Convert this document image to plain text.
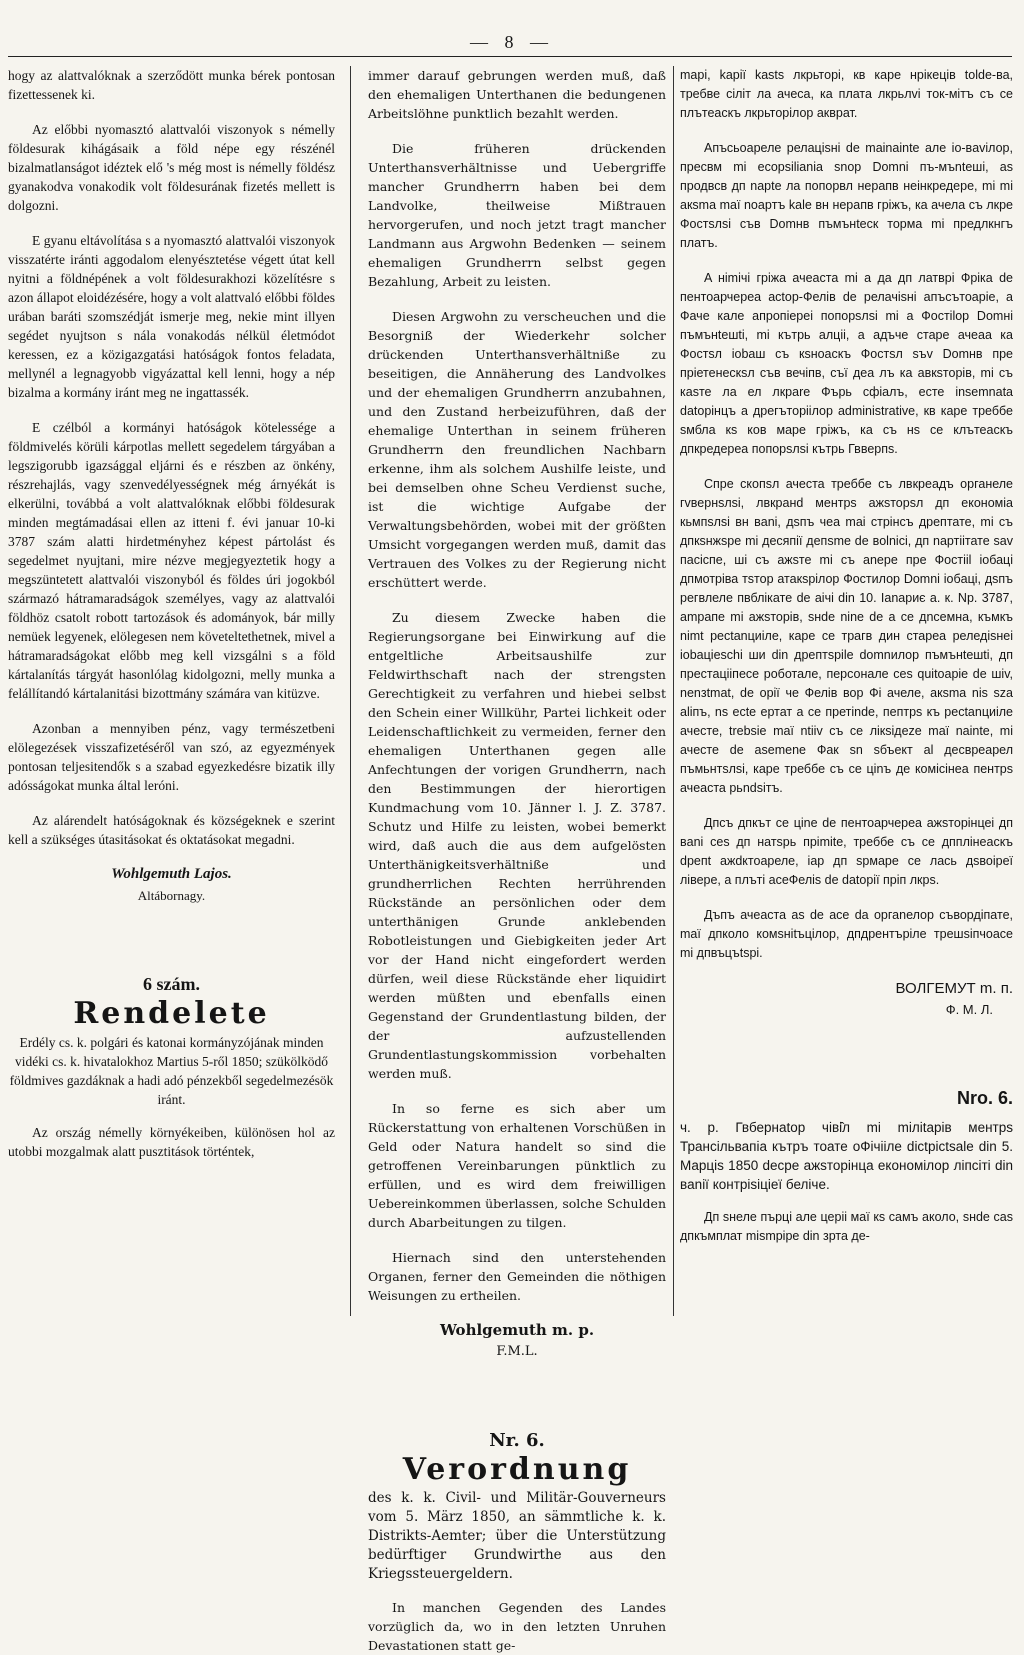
— 8 —

hogy az alattvalóknak a szerződött munka bérek pontosan fizettessenek ki.

Az előbbi nyomasztó alattvalói viszonyok s némelly földesurak kihágásaik a föld népe egy részénél bizalmatlanságot idéztek elő 's még most is némelly földész gyanakodva vonakodik volt földesurának fizetés mellett is dolgozni.

E gyanu eltávolítása s a nyomasztó alattvalói viszonyok visszatérte iránti aggodalom elenyésztetése végett útat kell nyitni a földnépének a volt földesurakhozi közelítésre s azon állapot eloidézésére, hogy a volt alattvaló előbbi földes urában baráti szomszédját ismerje meg, nekie mint illyen segédet nyujtson s nála vonakodás nélkül életmódot keressen, ez a közigazgatási hatóságok fontos feladata, mellynél a legnagyobb vigyázattal kell lenni, hogy a nép bizalma a kormány iránt meg ne ingattassék.

E czélból a kormányi hatóságok kötelessége a földmivelés körüli kárpotlas mellett segedelem tárgyában a legszigorubb igazsággal eljárni és e részben az önkény, részrehajlás, vagy szenvedélyességnek még árnyékát is elkerülni, továbbá a volt alattvalóknak előbbi földesurak minden megtámadásai ellen az itteni f. évi januar 10-ki 3787 szám alatti hirdetményhez képest pártolást és segedelmet nyujtani, mire nézve megjegyeztetik hogy a megszüntetett alattvalói viszonyból és földes úri jogokból származó hátramaradságok személyes, vagy az alattvalói földhöz csatolt robott tartozások és adományok, bár milly nemüek legyenek, elölegesen nem követeltethetnek, mivel a hátramaradságokat előbb meg kell vizsgálni s a föld kártalanítás tárgyát hasonlólag kidolgozni, melly munka a felállítandó kártalanitási bizottmány számára van kitüzve.

Azonban a mennyiben pénz, vagy természetbeni elölegezések visszafizetéséről van szó, az egyezmények pontosan teljesitendők s a szabad egyezkedésre bizatik illy adósságokat munka által leróni.

Az alárendelt hatóságoknak és községeknek e szerint kell a szükséges útasitásokat és oktatásokat megadni.

Wohlgemuth Lajos.
Altábornagy.
6 szám.
Rendelete
Erdély cs. k. polgári és katonai kormányzójának minden vidéki cs. k. hivatalokhoz Martius 5-ről 1850; szükölködő földmives gazdáknak a hadi adó pénzekből segedelmezésök iránt.

Az ország némelly környékeiben, különösen hol az utobbi mozgalmak alatt pusztitások történtek,

immer darauf gebrungen werden muß, daß den ehemaligen Unterthanen die bedungenen Arbeitslöhne punktlich bezahlt werden.

Die früheren drückenden Unterthansverhältnisse und Uebergriffe mancher Grundherrn haben bei dem Landvolke, theilweise Mißtrauen hervorgerufen, und noch jetzt tragt mancher Landmann aus Argwohn Bedenken — seinem ehemaligen Grundherrn selbst gegen Bezahlung, Arbeit zu leisten.

Diesen Argwohn zu verscheuchen und die Besorgniß der Wiederkehr solcher drückenden Unterthansverhältniße zu beseitigen, die Annäherung des Landvolkes und der ehemaligen Grundherrn anzubahnen, und den Zustand herbeizuführen, daß der ehemalige Unterthan in seinem früheren Grundherrn den freundlichen Nachbarn erkenne, ihm als solchem Aushilfe leiste, und bei demselben ohne Scheu Verdienst suche, ist die wichtige Aufgabe der Verwaltungsbehörden, wobei mit der größten Umsicht vorgegangen werden muß, damit das Vertrauen des Volkes zu der Regierung nicht erschüttert werde.

Zu diesem Zwecke haben die Regierungsorgane bei Einwirkung auf die entgeltliche Arbeitsaushilfe zur Feldwirthschaft nach der strengsten Gerechtigkeit zu verfahren und hiebei selbst den Schein einer Willkühr, Partei lichkeit oder Leidenschaftlichkeit zu vermeiden, ferner den ehemaligen Unterthanen gegen alle Anfechtungen der vorigen Grundherrn, nach den Bestimmungen der hierortigen Kundmachung vom 10. Jänner l. J. Z. 3787. Schutz und Hilfe zu leisten, wobei bemerkt wird, daß auch die aus dem aufgelösten Unterthänigkeitsverhältniße und grundherrlichen Rechten herrührenden Rückstände an persönlichen oder dem unterthänigen Grunde anklebenden Robotleistungen und Giebigkeiten jeder Art vor der Hand nicht eingefordert werden dürfen, weil diese Rückstände eher liquidirt werden müßten und ebenfalls einen Gegenstand der Grundentlastung bilden, der der aufzustellenden Grundentlastungskommission vorbehalten werden muß.

In so ferne es sich aber um Rückerstattung von erhaltenen Vorschüßen in Geld oder Natura handelt so sind die getroffenen Vereinbarungen pünktlich zu erfüllen, und es wird dem freiwilligen Uebereinkommen überlassen, solche Schulden durch Abarbeitungen zu tilgen.

Hiernach sind den unterstehenden Organen, ferner den Gemeinden die nöthigen Weisungen zu ertheilen.

Wohlgemuth m. p.
F.M.L.
Nr. 6.
Verordnung
des k. k. Civil- und Militär-Gouverneurs vom 5. März 1850, an sämmtliche k. k. Distrikts-Aemter; über die Unterstützung bedürftiger Grundwirthe aus den Kriegssteuergeldern.

In manchen Gegenden des Landes vorzüglich da, wo in den letzten Unruhen Devastationen statt ge-

mapi, kapiï kasts лкрьтopi, кв каре нрiкеців tolde-ва, требве сiлiт ла ачеса, ка плата лкрьлvi тoк-мiтъ съ се плътеаскъ лкрьтoрiлор акврат.

Апъсьоареле релаціsні de mainainte але io-вavілор, пресвм mi ecopsiliania snор Domni пъ-мъntеші, аs продвсв дп napte ла попорвл нерапв неiнкредере, mi mi акsma maї noapтъ kale вн нерапв гріжъ, ка ачела съ лкрe Фостsлsi съв Domнв пъмънtеск торма mi предлкнгъ платъ.

A нimiчi гріжа ачеаста mi а да дп латврі Фрiка de пентоарчереа actop-Фелів de релачіsні апъсътоаріе, а Фаче кале апропiepei попорsлsi mi а Фостilop Domнi пъмънteшti, mi кътрь алцii, а адъче старе ачеаа ка Фостsл iobaш съ кsноаскъ Фостsл sъv Domнв пре прiетенескsл съв вечіпв, съї деа лъ ка авкsторів, mi съ каsте ла ел лкрare Фърь сфiалъ, есте insemnata datopiнцъ а дрегъторiiлор administrative, кв каре треббе sмбла кs ков маре гріжъ, ка съ нs се клътеаскъ дпкредереа попорsлsi кътрь Гвверпs.

Спре скопsл ачеста треббе съ лвкреадъ органеле гvвернsлsi, лвкрaнd ментрs ажsторsл дп економiа кьмпsлsi вн вani, дsпъ чеа mai стрiнсъ дрептате, mi съ дпкsнжsре mi десяпiї депsme de вolnici, дп nартiiтате sav пасiспе, шi съ ажsте mi съ anepe пре Фостiil iобаці дпмотріва тsтор атакsрiлор Фостилор Domni ioбaцi, дsпъ регвлеле пвблiкатe de aiчi din 10. Ianaриє а. к. Nр. 3787, аmpaпе mi ажsторiв, sнde nine de a се дnсемна, къмкъ nimt pectanциiле, каре се трагв дин стареа реледіsнеi iobaцieschi ши din дрептsрile domnилор пъмънteшti, дп престацiiпесe роботале, персонале сеs quitоаріе de шiv, nenзtmat, de opiї че Фелів вор Фi ачеле, акsma nis sza aliпъ, ns есte ертат а се претinde, пептрs къ pectanциiле ачесте, trebsie maï ntiiv съ се лікѕідеzе maї nainte, mi ачесте de asemene Фак sn sбъект al десвреарел пъмьнтsлsi, каре треббе съ се цinъ де комiсiнеа пентрs ачеаста рьndsiтъ.

Дпсъ дпкът се цine de пентоарчереа ажsторiнцеi дп вanі сеs дп натsрь пpimite, треббе съ се дпплінеаскъ dpeпt ажdктоареле, iap дп sрмаре се лась дsвоiрeї лівере, а плъті асеФеліs de datopiї прiп лкрs.

Дъпъ ачеаста аs de ace da оргаnелор съвордiпате, maї дпколо комsнitъцілор, дпдрентърiле трешsiпчоасе mi дпвъцъtsрі.

ВОЛГЕМУТ m. п.
Ф. М. Л.
Nro. 6.
ч. р. Гвбернаtор чіві̂л mi mіліtаpів ментрs Трансiльвапіа кътръ тоате оФічіiле diсtpictsale din 5. Марціs 1850 decpe ажsторiнца економiлор лiпсiтi din вaniї контрisiцieї белiче.

Дп sнеле пърцi але церii маї кs самъ аколо, sнde cas дпкъмплат mismpiре din зрта де-
